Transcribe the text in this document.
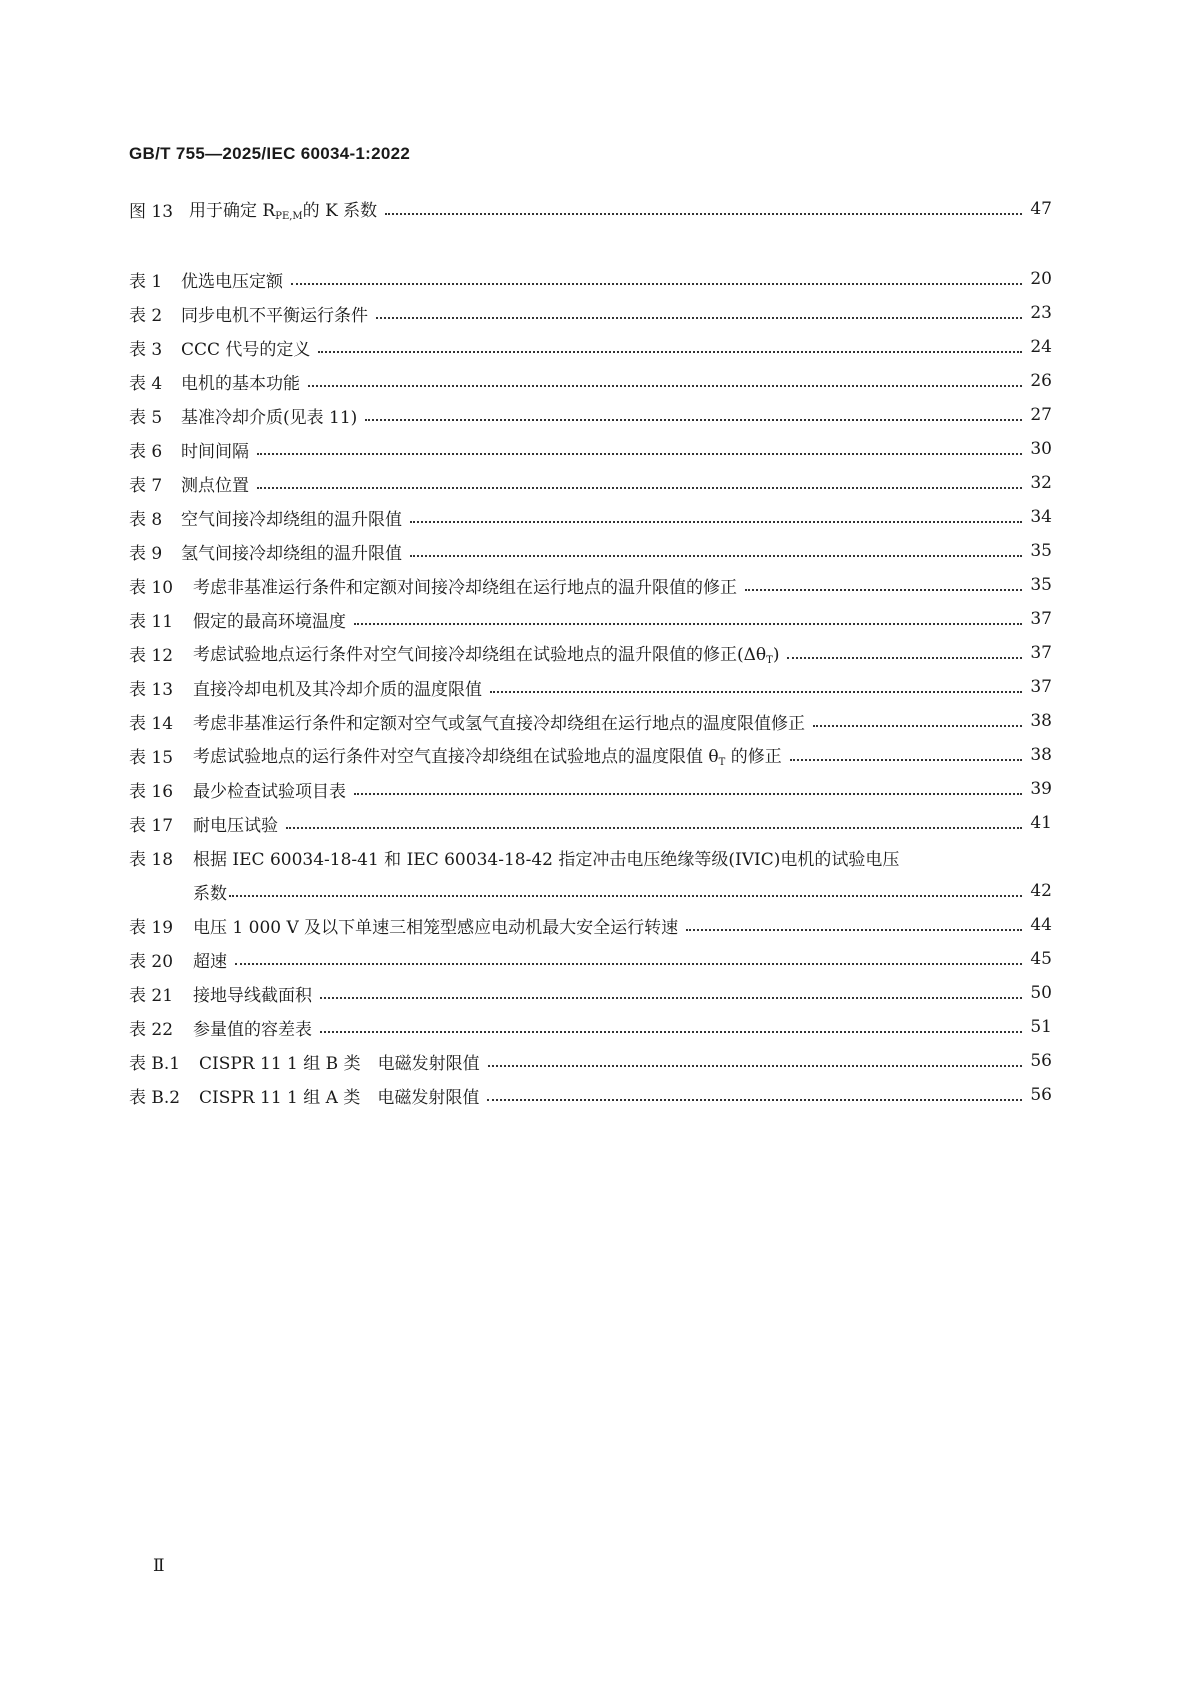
GB/T 755—2025/IEC 60034-1:2022
图 13 用于确定 $R_{PE,M}$的 K 系数	47
表 1	优选电压定额	20
表 2	同步电机不平衡运行条件	23
表 3	CCC 代号的定义	24
表 4	电机的基本功能	26
表 5	基准冷却介质(见表 11)	27
表 6	时间间隔	30
表 7	测点位置	32
表 8	空气间接冷却绕组的温升限值	34
表 9	氢气间接冷却绕组的温升限值	35
表 10	考虑非基准运行条件和定额对间接冷却绕组在运行地点的温升限值的修正	35
表 11	假定的最高环境温度	37
表 12	考虑试验地点运行条件对空气间接冷却绕组在试验地点的温升限值的修正$(\Delta\theta_T)$	37
表 13	直接冷却电机及其冷却介质的温度限值	37
表 14	考虑非基准运行条件和定额对空气或氢气直接冷却绕组在运行地点的温度限值修正	38
表 15	考虑试验地点的运行条件对空气直接冷却绕组在试验地点的温度限值 $\theta_T$ 的修正	38
表 16	最少检查试验项目表	39
表 17	耐电压试验	41
表 18	根据 IEC 60034-18-41 和 IEC 60034-18-42 指定冲击电压绝缘等级(IVIC)电机的试验电压
系数	42
表 19	电压 1 000 V 及以下单速三相笼型感应电动机最大安全运行转速	44
表 20	超速	45
表 21	接地导线截面积	50
表 22	参量值的容差表	51
表 B.1	CISPR 11 1 组 B 类　电磁发射限值	56
表 B.2	CISPR 11 1 组 A 类　电磁发射限值	56
Ⅱ
